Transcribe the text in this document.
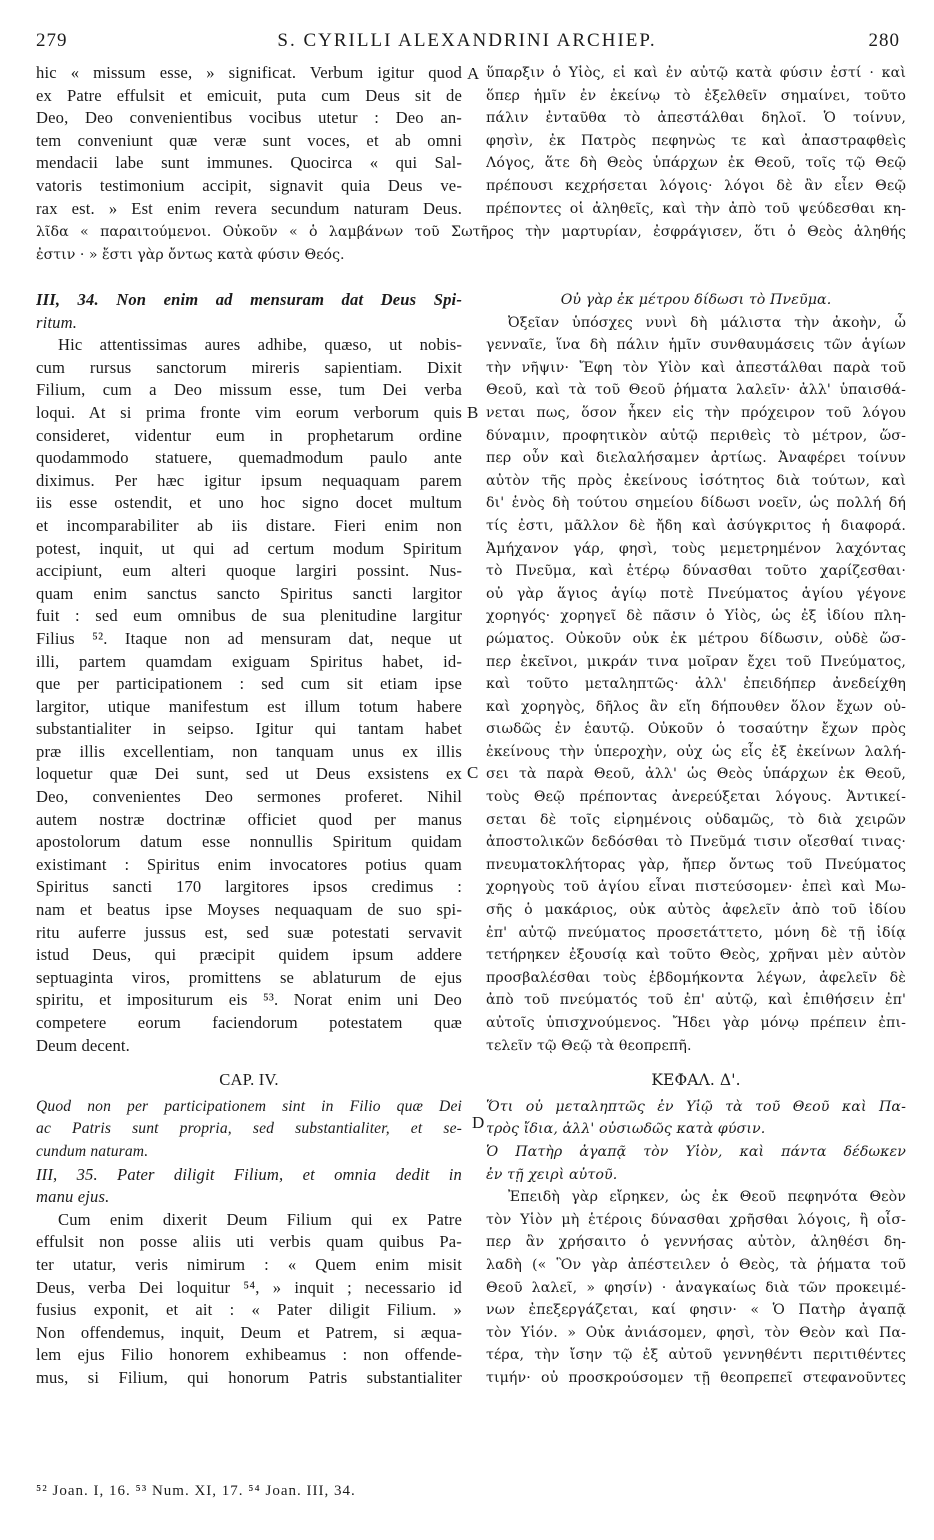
279	S. CYRILLI ALEXANDRINI ARCHIEP.	280
A
B
C
D
hic « missum esse, » significat. Verbum igitur quod
ex Patre effulsit et emicuit, puta cum Deus sit de
Deo, Deo convenientibus vocibus utetur : Deo an-
tem conveniunt quæ veræ sunt voces, et ab omni
mendacii labe sunt immunes. Quocirca « qui Sal-
vatoris testimonium accipit, signavit quia Deus ve-
rax est. » Est enim revera secundum naturam Deus.
ὕπαρξιν ὁ Υἱὸς, εἰ καὶ ἐν αὐτῷ κατὰ φύσιν ἐστί · καὶ
ὅπερ ἡμῖν ἐν ἐκείνῳ τὸ ἐξελθεῖν σημαίνει, τοῦτο
πάλιν ἐνταῦθα τὸ ἀπεστάλθαι δηλοῖ. Ὁ τοίνυν,
φησὶν, ἐκ Πατρὸς πεφηνὼς τε καὶ ἀπαστραφθεὶς
Λόγος, ἅτε δὴ Θεὸς ὑπάρχων ἐκ Θεοῦ, τοῖς τῷ Θεῷ
πρέπουσι κεχρήσεται λόγοις· λόγοι δὲ ἂν εἶεν Θεῷ
πρέποντες οἱ ἀληθεῖς, καὶ τὴν ἀπὸ τοῦ ψεύδεσθαι κη-
λῖδα « παραιτούμενοι. Οὐκοῦν « ὁ λαμβάνων τοῦ Σωτῆρος τὴν μαρτυρίαν, ἐσφράγισεν, ὅτι ὁ Θεὸς ἀληθής
ἐστιν · » ἔστι γὰρ ὄντως κατὰ φύσιν Θεός.
III, 34. Non enim ad mensuram dat Deus Spi-
ritum.
Hic attentissimas aures adhibe, quæso, ut nobis-
cum rursus sanctorum mireris sapientiam. Dixit
Filium, cum a Deo missum esse, tum Dei verba
loqui. At si prima fronte vim eorum verborum quis
consideret, videntur eum in prophetarum ordine
quodammodo statuere, quemadmodum paulo ante
diximus. Per hæc igitur ipsum nequaquam parem
iis esse ostendit, et uno hoc signo docet multum
et incomparabiliter ab iis distare. Fieri enim non
potest, inquit, ut qui ad certum modum Spiritum
accipiunt, eum alteri quoque largiri possint. Nus-
quam enim sanctus sancto Spiritus sancti largitor
fuit : sed eum omnibus de sua plenitudine largitur
Filius ⁵². Itaque non ad mensuram dat, neque ut
illi, partem quamdam exiguam Spiritus habet, id-
que per participationem : sed cum sit etiam ipse
largitor, utique manifestum est illum totum habere
substantialiter in seipso. Igitur qui tantam habet
præ illis excellentiam, non tanquam unus ex illis
loquetur quæ Dei sunt, sed ut Deus exsistens ex
Deo, convenientes Deo sermones proferet. Nihil
autem nostræ doctrinæ officiet quod per manus
apostolorum datum esse nonnullis Spiritum quidam
existimant : Spiritus enim invocatores potius quam
Spiritus sancti 170 largitores ipsos credimus :
nam et beatus ipse Moyses nequaquam de suo spi-
ritu auferre jussus est, sed suæ potestati servavit
istud Deus, qui præcipit quidem ipsum addere
septuaginta viros, promittens se ablaturum de ejus
spiritu, et impositurum eis ⁵³. Norat enim uni Deo
competere eorum faciendorum potestatem quæ
Deum decent.
CAP. IV.
Quod non per participationem sint in Filio quæ Dei
ac Patris sunt propria, sed substantialiter, et se-
cundum naturam.
III, 35. Pater diligit Filium, et omnia dedit in
manu ejus.
Cum enim dixerit Deum Filium qui ex Patre
effulsit non posse aliis uti verbis quam quibus Pa-
ter utatur, veris nimirum : « Quem enim misit
Deus, verba Dei loquitur ⁵⁴, » inquit ; necessario id
fusius exponit, et ait : « Pater diligit Filium. »
Non offendemus, inquit, Deum et Patrem, si æqua-
lem ejus Filio honorem exhibeamus : non offende-
mus, si Filium, qui honorum Patris substantialiter
Οὐ γὰρ ἐκ μέτρου δίδωσι τὸ Πνεῦμα.
Ὀξεῖαν ὑπόσχες νυνὶ δὴ μάλιστα τὴν ἀκοὴν, ὦ
γενναῖε, ἵνα δὴ πάλιν ἡμῖν συνθαυμάσεις τῶν ἁγίων
τὴν νῆψιν· Ἔφη τὸν Υἱὸν καὶ ἀπεστάλθαι παρὰ τοῦ
Θεοῦ, καὶ τὰ τοῦ Θεοῦ ῥήματα λαλεῖν· ἀλλ' ὑπαισθά-
νεται πως, ὅσον ἧκεν εἰς τὴν πρόχειρον τοῦ λόγου
δύναμιν, προφητικὸν αὐτῷ περιθεὶς τὸ μέτρον, ὥσ-
περ οὖν καὶ διελαλήσαμεν ἀρτίως. Ἀναφέρει τοίνυν
αὐτὸν τῆς πρὸς ἐκείνους ἰσότητος διὰ τούτων, καὶ
δι' ἑνὸς δὴ τούτου σημείου δίδωσι νοεῖν, ὡς πολλή δή
τίς ἐστι, μᾶλλον δὲ ἤδη καὶ ἀσύγκριτος ἡ διαφορά.
Ἀμήχανον γάρ, φησὶ, τοὺς μεμετρημένον λαχόντας
τὸ Πνεῦμα, καὶ ἑτέρῳ δύνασθαι τοῦτο χαρίζεσθαι·
οὐ γὰρ ἅγιος ἁγίῳ ποτὲ Πνεύματος ἁγίου γέγονε
χορηγός· χορηγεῖ δὲ πᾶσιν ὁ Υἱὸς, ὡς ἐξ ἰδίου πλη-
ρώματος. Οὐκοῦν οὐκ ἐκ μέτρου δίδωσιν, οὐδὲ ὥσ-
περ ἐκεῖνοι, μικράν τινα μοῖραν ἔχει τοῦ Πνεύματος,
καὶ τοῦτο μεταληπτῶς· ἀλλ' ἐπειδήπερ ἀνεδείχθη
καὶ χορηγὸς, δῆλος ἂν εἴη δήπουθεν ὅλον ἔχων οὐ-
σιωδῶς ἐν ἑαυτῷ. Οὐκοῦν ὁ τοσαύτην ἔχων πρὸς
ἐκείνους τὴν ὑπεροχὴν, οὐχ ὡς εἷς ἐξ ἐκείνων λαλή-
σει τὰ παρὰ Θεοῦ, ἀλλ' ὡς Θεὸς ὑπάρχων ἐκ Θεοῦ,
τοὺς Θεῷ πρέποντας ἀνερεύξεται λόγους. Ἀντικεί-
σεται δὲ τοῖς εἰρημένοις οὐδαμῶς, τὸ διὰ χειρῶν
ἀποστολικῶν δεδόσθαι τὸ Πνεῦμά τισιν οἴεσθαί τινας·
πνευματοκλήτορας γὰρ, ἤπερ ὄντως τοῦ Πνεύματος
χορηγοὺς τοῦ ἁγίου εἶναι πιστεύσομεν· ἐπεὶ καὶ Μω-
σῆς ὁ μακάριος, οὐκ αὐτὸς ἀφελεῖν ἀπὸ τοῦ ἰδίου
ἐπ' αὐτῷ πνεύματος προσετάττετο, μόνη δὲ τῇ ἰδίᾳ
τετήρηκεν ἐξουσίᾳ καὶ τοῦτο Θεὸς, χρῆναι μὲν αὐτὸν
προσβαλέσθαι τοὺς ἑβδομήκοντα λέγων, ἀφελεῖν δὲ
ἀπὸ τοῦ πνεύματός τοῦ ἐπ' αὐτῷ, καὶ ἐπιθήσειν ἐπ'
αὐτοῖς ὑπισχνούμενος. Ἤδει γὰρ μόνῳ πρέπειν ἐπι-
τελεῖν τῷ Θεῷ τὰ θεοπρεπῆ.
ΚΕΦΑΛ. Δ'.
Ὅτι οὐ μεταληπτῶς ἐν Υἱῷ τὰ τοῦ Θεοῦ καὶ Πα-
τρὸς ἴδια, ἀλλ' οὐσιωδῶς κατὰ φύσιν.
Ὁ Πατὴρ ἀγαπᾷ τὸν Υἱὸν, καὶ πάντα δέδωκεν
ἐν τῇ χειρὶ αὐτοῦ.
Ἐπειδὴ γὰρ εἴρηκεν, ὡς ἐκ Θεοῦ πεφηνότα Θεὸν
τὸν Υἱὸν μὴ ἑτέροις δύνασθαι χρῆσθαι λόγοις, ἢ οἷσ-
περ ἂν χρήσαιτο ὁ γεννήσας αὐτὸν, ἀληθέσι δη-
λαδὴ (« Ὃν γὰρ ἀπέστειλεν ὁ Θεὸς, τὰ ῥήματα τοῦ
Θεοῦ λαλεῖ, » φησίν) · ἀναγκαίως διὰ τῶν προκειμέ-
νων ἐπεξεργάζεται, καί φησιν· « Ὁ Πατὴρ ἀγαπᾷ
τὸν Υἱόν. » Οὐκ ἀνιάσομεν, φησὶ, τὸν Θεὸν καὶ Πα-
τέρα, τὴν ἴσην τῷ ἐξ αὐτοῦ γεννηθέντι περιτιθέντες
τιμήν· οὐ προσκρούσομεν τῇ θεοπρεπεῖ στεφανοῦντες
⁵² Joan. I, 16. ⁵³ Num. XI, 17. ⁵⁴ Joan. III, 34.
